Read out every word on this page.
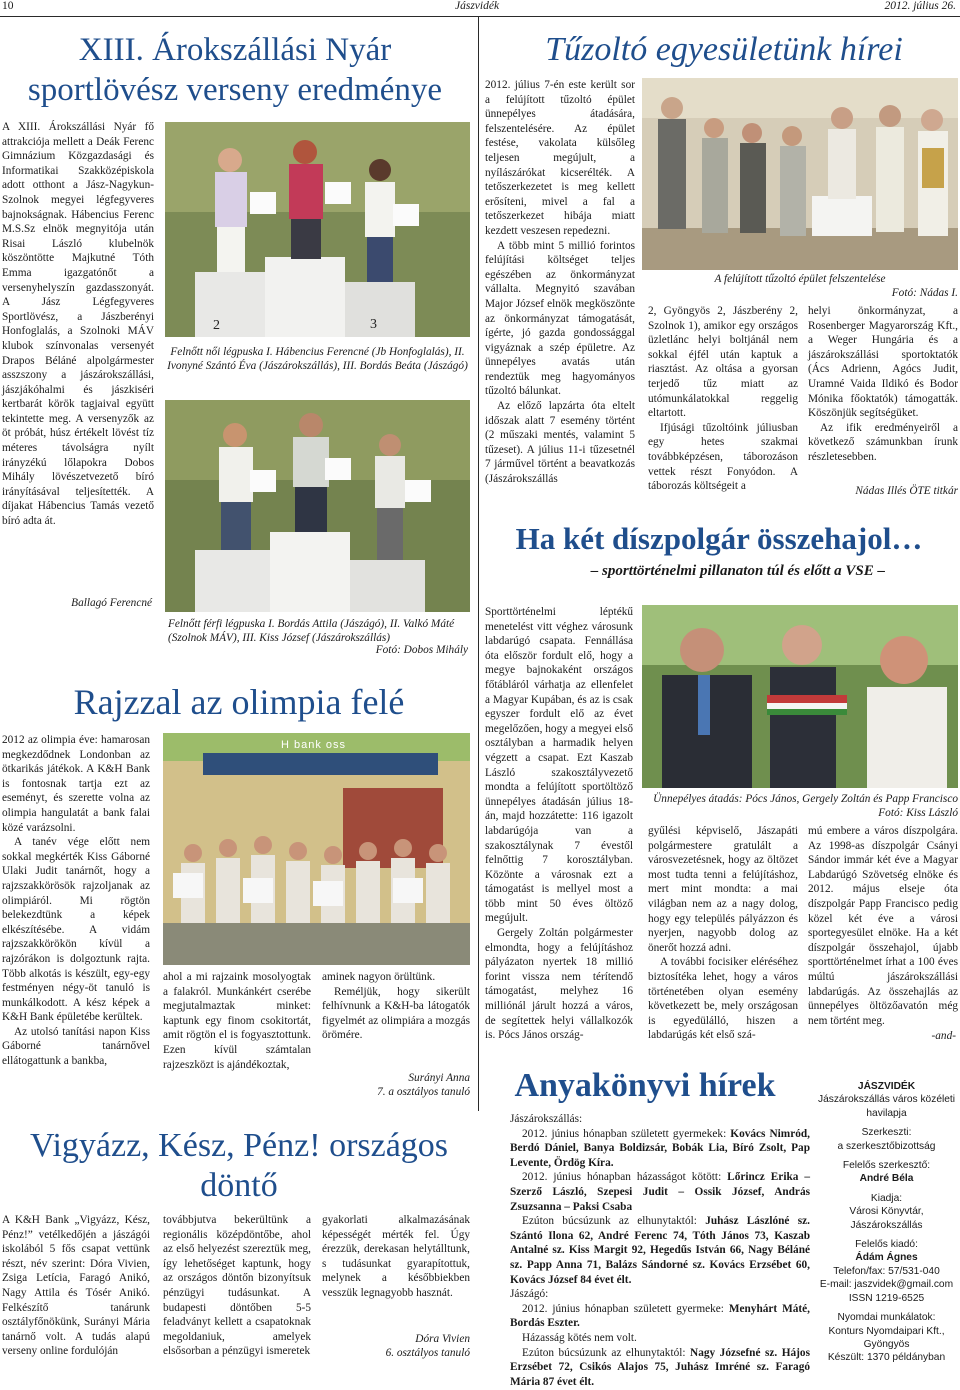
10	Jászvidék	2012. július 26.
XIII. Árokszállási Nyár sportlövész verseny eredménye

A XIII. Árokszállási Nyár fő attrakciója mellett a Deák Ferenc Gimnázium Közgazdasági és Informatikai Szakközépiskola adott otthont a Jász-Nagykun-Szolnok megyei légfegyveres bajnokságnak. Hábencius Ferenc M.S.Sz elnök megnyitója után Risai László klubelnök köszöntötte Majkutné Tóth Emma igazgatónőt a versenyhelyszín gazdasszonyát. A Jász Légfegyveres Sportlövész, a Jászberényi Honfoglalás, a Szolnoki MÁV klubok színvonalas versenyét Drapos Béláné alpolgármester asszszony a jászárokszállási, jászjákóhalmi és jászkiséri kertbarát körök tagjaival együtt tekintette meg. A versenyzők az öt próbát, húsz értékelt lövést tíz méteres távolságra nyílt irányzékú lőlapokra Dobos Mihály lövészetvezető bíró irányításával teljesítették. A díjakat Hábencius Tamás vezető bíró adta át.

Ballagó Ferencné
2	3
Felnőtt női légpuska I. Hábencius Ferencné (Jb Honfoglalás), II. Ivonyné Szántó Éva (Jászárokszállás), III. Bordás Beáta (Jászágó)
Felnőtt férfi légpuska I. Bordás Attila (Jászágó), II. Valkó Máté (Szolnok MÁV), III. Kiss József (Jászárokszállás)
Fotó: Dobos Mihály
Tűzoltó egyesületünk hírei

2012. július 7-én este került sor a felújított tűzoltó épület ünnepélyes átadására, felszentelésére. Az épület festése, vakolata külsőleg teljesen megújult, a nyílászárókat kicserélték. A tetőszerkezetet is meg kellett erősíteni, mivel a fal a tetőszerkezet hibája miatt kezdett veszesen repedezni.

A több mint 5 millió forintos felújítási költséget teljes egészében az önkormányzat vállalta. Megnyitó szavában Major József elnök megköszönte az önkormányzat támogatását, ígérte, jó gazda gondossággal vigyáznak a szép épületre. Az ünnepélyes avatás után rendeztük meg hagyományos tűzoltó bálunkat.

Az előző lapzárta óta eltelt időszak alatt 7 esemény történt (2 műszaki mentés, valamint 5 tűzeset). A július 11-i tűzesetnél 7 járművel történt a beavatkozás (Jászárokszállás

A felújított tűzoltó épület felszentelése
Fotó: Nádas I.

2, Gyöngyös 2, Jászberény 2, Szolnok 1), amikor egy országos üzletlánc helyi boltjánál nem sokkal éjfél után kaptuk a riasztást. Az oltása a gyorsan terjedő tűz miatt az utómunkálatokkal reggelig eltartott.

Ifjúsági tűzoltóink júliusban egy hetes szakmai továbbképzésen, táborozáson vettek részt Fonyódon. A táborozás költségeit a

helyi önkormányzat, a Rosenberger Magyarország Kft., a Weger Hungária és a jászárokszállási sportoktatók (Ács Adrienn, Agócs Judit, Uramné Vaida Ildikó és Bodor Mónika főoktatók) támogatták. Köszönjük segítségüket.

Az ifik eredményeiről a következő számunkban írunk részletesebben.

Nádas Illés ÖTE titkár
Ha két díszpolgár összehajol…
– sporttörténelmi pillanaton túl és előtt a VSE –

Sporttörténelmi léptékű menetelést vitt véghez városunk labdarúgó csapata. Fennállása óta először fordult elő, hogy a megye bajnokaként országos főtábláról várhatja az ellenfelet a Magyar Kupában, és az is csak egyszer fordult elő az évet megelőzően, hogy a megyei első osztályban a harmadik helyen végzett a csapat. Ezt Kaszab László szakosztályvezető mondta a felújított sportöltöző ünnepélyes átadásán július 18-án, majd hozzátette: 116 igazolt labdarúgója van a szakosztálynak 7 évestől felnőttig 7 korosztályban. Közönte a városnak ezt a támogatást is mellyel most a több mint 50 éves öltöző megújult.

Gergely Zoltán polgármester elmondta, hogy a felújításhoz pályázaton nyertek 18 millió forint vissza nem térítendő támogatást, melyhez 16 milliónál járult hozzá a város, de segítettek helyi vállalkozók is. Pócs János ország-

Ünnepélyes átadás: Pócs János, Gergely Zoltán és Papp Francisco
Fotó: Kiss László

gyűlési képviselő, Jászapáti polgármestere gratulált a városvezetésnek, hogy az öltözet most tudta tenni a felújításhoz, mert mint mondta: a mai világban nem az a nagy dolog, hogy egy település pályázzon és nyerjen, nagyobb dolog az önerőt hozzá adni.

A további focisiker eléréséhez biztosítéka lehet, hogy a város történetében olyan esemény következett be, mely országosan is egyedülálló, hiszen a labdarúgás két első szá-

mú embere a város díszpolgára. Az 1998-as díszpolgár Csányi Sándor immár két éve a Magyar Labdarúgó Szövetség elnöke és 2012. május elseje óta díszpolgár Papp Francisco pedig közel két éve a városi sportegyesület elnöke. Ha a két díszpolgár összehajol, újabb sporttörténelmet írhat a 100 éves múltú jászárokszállási labdarúgás. Az összehajlás az ünnepélyes öltözőavatón még nem történt meg.

-and-
Rajzzal az olimpia felé

2012 az olimpia éve: hamarosan megkezdődnek Londonban az ötkarikás játékok. A K&H Bank is fontosnak tartja ezt az eseményt, és szerette volna az olimpia hangulatát a bank falai közé varázsolni.

A tanév vége előtt nem sokkal megkérték Kiss Gáborné Ulaki Judit tanárnőt, hogy a rajzszakkörösök rajzoljanak az olimpiáról. Mi rögtön belekezdtünk a képek elkészítésébe. A vidám rajzszakkörökön kívül a rajzórákon is dolgoztunk rajta. Több alkotás is készült, egy-egy festményen négy-öt tanuló is munkálkodott. A kész képek a K&H Bank épületébe kerültek.

Az utolsó tanítási napon Kiss Gáborné tanárnővel ellátogattunk a bankba,

H bank oss

ahol a mi rajzaink mosolyogtak a falakról. Munkánkért cserébe megjutalmaztak minket: kaptunk egy finom csokitortát, amit rögtön el is fogyasztottunk. Ezen kívül számtalan rajzeszközt is ajándékoztak,

aminek nagyon örültünk.

Reméljük, hogy sikerült felhívnunk a K&H-ba látogatók figyelmét az olimpiára a mozgás örömére.

Surányi Anna
7. a osztályos tanuló
Vigyázz, Kész, Pénz! országos döntő

A K&H Bank „Vigyázz, Kész, Pénz!” vetélkedőjén a jászágói iskolából 5 fős csapat vettünk részt, név szerint: Dóra Vivien, Zsiga Letícia, Faragó Anikó, Nagy Attila és Tósér Anikó. Felkészítő tanárunk osztályfőnökünk, Surányi Mária tanárnő volt. A tudás alapú verseny online fordulóján

továbbjutva bekerültünk a regionális középdöntőbe, ahol az első helyezést szereztük meg, így lehetőséget kaptunk, hogy az országos döntőn bizonyítsuk pénzügyi tudásunkat. A budapesti döntőben 5-5 feladványt kellett a csapatoknak megoldaniuk, amelyek elsősorban a pénzügyi ismeretek

gyakorlati alkalmazásának képességét mérték fel. Úgy érezzük, derekasan helytálltunk, s tudásunkat gyarapítottuk, melynek a későbbiekben vesszük legnagyobb hasznát.

Dóra Vivien
6. osztályos tanuló
Anyakönyvi hírek

Jászárokszállás:

2012. június hónapban született gyermekek: Kovács Nimród, Berdó Dániel, Banya Boldizsár, Bobák Lia, Bíró Zsolt, Pap Levente, Ördög Kíra.

2012. június hónapban házasságot kötött: Lőrincz Erika – Szerző László, Szepesi Judit – Ossik József, András Zsuzsanna – Paksi Csaba

Ezúton búcsúzunk az elhunytaktól: Juhász Lászlóné sz. Szántó Ilona 62, André Ferenc 74, Tóth János 73, Kaszab Antalné sz. Kiss Margit 92, Hegedűs István 66, Nagy Béláné sz. Papp Anna 71, Balázs Sándorné sz. Kovács Erzsébet 60, Kovács József 84 évet élt.

Jászágó:

2012. június hónapban született gyermeke: Menyhárt Máté, Bordás Eszter.

Házasság kötés nem volt.

Ezúton búcsúzunk az elhunytaktól: Nagy Józsefné sz. Hájos Erzsébet 72, Csikós Alajos 75, Juhász Imréné sz. Faragó Mária 87 évet élt.

JÁSZVIDÉK
Jászárokszállás város közéleti havilapja
Szerkeszti:
a szerkesztőbizottság
Felelős szerkesztő:
André Béla
Kiadja:
Városi Könyvtár, Jászárokszállás
Felelős kiadó:
Ádám Ágnes
Telefon/fax: 57/531-040
E-mail: jaszvidek@gmail.com
ISSN 1219-6525
Nyomdai munkálatok:
Konturs Nyomdaipari Kft., Gyöngyös
Készült: 1370 példányban
